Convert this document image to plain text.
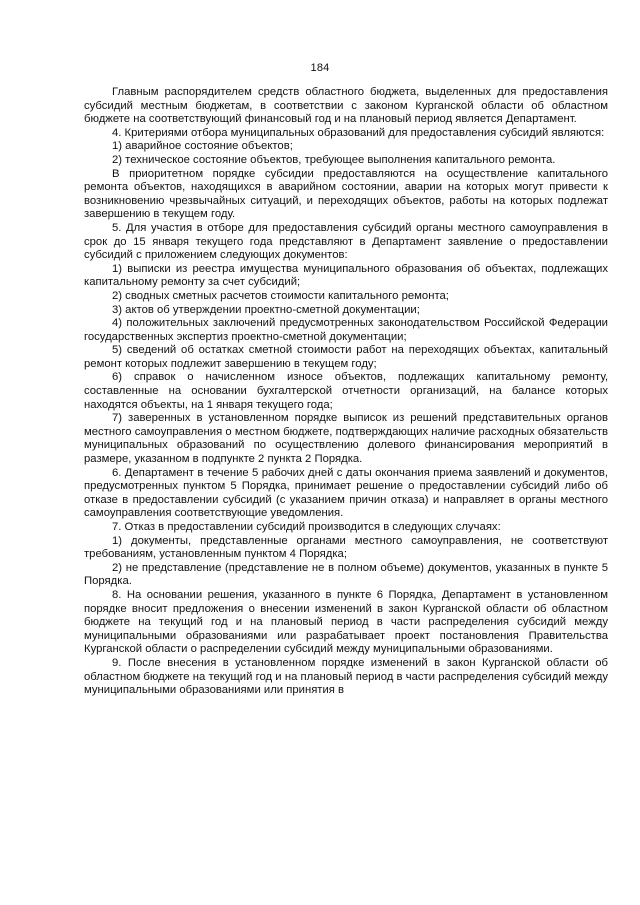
184

Главным распорядителем средств областного бюджета, выделенных для предоставления субсидий местным бюджетам, в соответствии с законом Курганской области об областном бюджете на соответствующий финансовый год и на плановый период является Департамент.

4. Критериями отбора муниципальных образований для предоставления субсидий являются:

1) аварийное состояние объектов;

2) техническое состояние объектов, требующее выполнения капитального ремонта.

В приоритетном порядке субсидии предоставляются на осуществление капитального ремонта объектов, находящихся в аварийном состоянии, аварии на которых могут привести к возникновению чрезвычайных ситуаций, и переходящих объектов, работы на которых подлежат завершению в текущем году.

5. Для участия в отборе для предоставления субсидий органы местного самоуправления в срок до 15 января текущего года представляют в Департамент заявление о предоставлении субсидий с приложением следующих документов:

1) выписки из реестра имущества муниципального образования об объектах, подлежащих капитальному ремонту за счет субсидий;

2) сводных сметных расчетов стоимости капитального ремонта;

3) актов об утверждении проектно-сметной документации;

4) положительных заключений предусмотренных законодательством Российской Федерации государственных экспертиз проектно-сметной документации;

5) сведений об остатках сметной стоимости работ на переходящих объектах, капитальный ремонт которых подлежит завершению в текущем году;

6) справок о начисленном износе объектов, подлежащих капитальному ремонту, составленные на основании бухгалтерской отчетности организаций, на балансе которых находятся объекты, на 1 января текущего года;

7) заверенных в установленном порядке выписок из решений представительных органов местного самоуправления о местном бюджете, подтверждающих наличие расходных обязательств муниципальных образований по осуществлению долевого финансирования мероприятий в размере, указанном в подпункте 2 пункта 2 Порядка.

6. Департамент в течение 5 рабочих дней с даты окончания приема заявлений и документов, предусмотренных пунктом 5 Порядка, принимает решение о предоставлении субсидий либо об отказе в предоставлении субсидий (с указанием причин отказа) и направляет в органы местного самоуправления соответствующие уведомления.

7. Отказ в предоставлении субсидий производится в следующих случаях:

1) документы, представленные органами местного самоуправления, не соответствуют требованиям, установленным пунктом 4 Порядка;

2) не представление (представление не в полном объеме) документов, указанных в пункте 5 Порядка.

8. На основании решения, указанного в пункте 6 Порядка, Департамент в установленном порядке вносит предложения о внесении изменений в закон Курганской области об областном бюджете на текущий год и на плановый период в части распределения субсидий между муниципальными образованиями или разрабатывает проект постановления Правительства Курганской области о распределении субсидий между муниципальными образованиями.

9. После внесения в установленном порядке изменений в закон Курганской области об областном бюджете на текущий год и на плановый период в части распределения субсидий между муниципальными образованиями или принятия в
